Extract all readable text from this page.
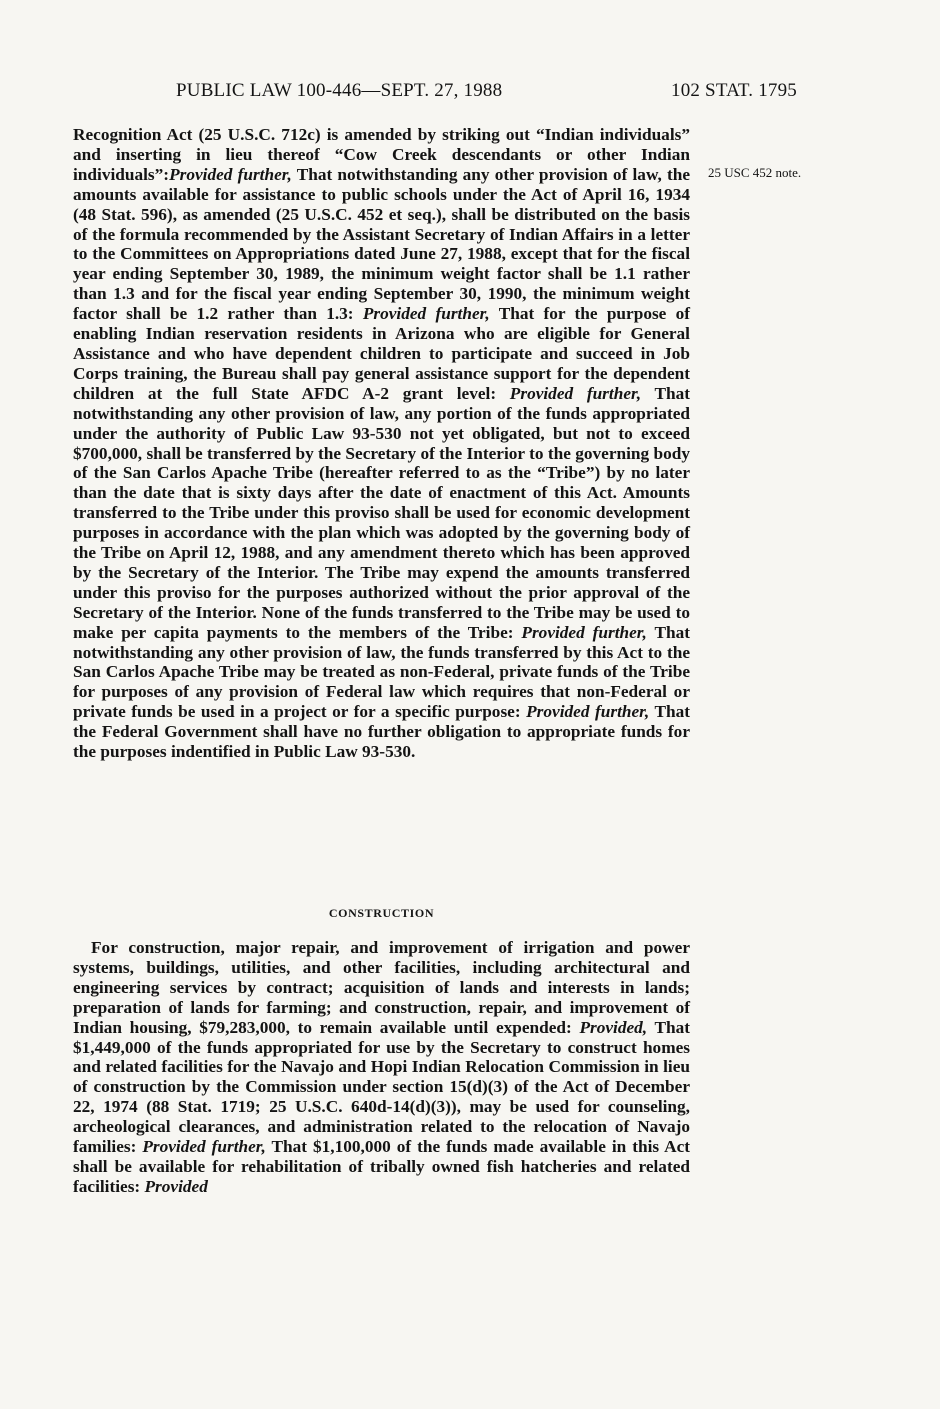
PUBLIC LAW 100-446—SEPT. 27, 1988	102 STAT. 1795
25 USC 452 note.

Recognition Act (25 U.S.C. 712c) is amended by striking out “Indian individuals” and inserting in lieu thereof “Cow Creek descendants or other Indian individuals”:Provided further, That notwithstanding any other provision of law, the amounts available for assistance to public schools under the Act of April 16, 1934 (48 Stat. 596), as amended (25 U.S.C. 452 et seq.), shall be distributed on the basis of the formula recommended by the Assistant Secretary of Indian Affairs in a letter to the Committees on Appropriations dated June 27, 1988, except that for the fiscal year ending September 30, 1989, the minimum weight factor shall be 1.1 rather than 1.3 and for the fiscal year ending September 30, 1990, the minimum weight factor shall be 1.2 rather than 1.3: Provided further, That for the purpose of enabling Indian reservation residents in Arizona who are eligible for General Assistance and who have dependent children to participate and succeed in Job Corps training, the Bureau shall pay general assistance support for the dependent children at the full State AFDC A-2 grant level: Provided further, That notwithstanding any other provision of law, any portion of the funds appropriated under the authority of Public Law 93-530 not yet obligated, but not to exceed $700,000, shall be transferred by the Secretary of the Interior to the governing body of the San Carlos Apache Tribe (hereafter referred to as the “Tribe”) by no later than the date that is sixty days after the date of enactment of this Act. Amounts transferred to the Tribe under this proviso shall be used for economic development purposes in accordance with the plan which was adopted by the governing body of the Tribe on April 12, 1988, and any amendment thereto which has been approved by the Secretary of the Interior. The Tribe may expend the amounts transferred under this proviso for the purposes authorized without the prior approval of the Secretary of the Interior. None of the funds transferred to the Tribe may be used to make per capita payments to the members of the Tribe: Provided further, That notwithstanding any other provision of law, the funds transferred by this Act to the San Carlos Apache Tribe may be treated as non-Federal, private funds of the Tribe for purposes of any provision of Federal law which requires that non-Federal or private funds be used in a project or for a specific purpose: Provided further, That the Federal Government shall have no further obligation to appropriate funds for the purposes indentified in Public Law 93-530.

CONSTRUCTION

For construction, major repair, and improvement of irrigation and power systems, buildings, utilities, and other facilities, including architectural and engineering services by contract; acquisition of lands and interests in lands; preparation of lands for farming; and construction, repair, and improvement of Indian housing, $79,283,000, to remain available until expended: Provided, That $1,449,000 of the funds appropriated for use by the Secretary to construct homes and related facilities for the Navajo and Hopi Indian Relocation Commission in lieu of construction by the Commission under section 15(d)(3) of the Act of December 22, 1974 (88 Stat. 1719; 25 U.S.C. 640d-14(d)(3)), may be used for counseling, archeological clearances, and administration related to the relocation of Navajo families: Provided further, That $1,100,000 of the funds made available in this Act shall be available for rehabilitation of tribally owned fish hatcheries and related facilities: Provided
